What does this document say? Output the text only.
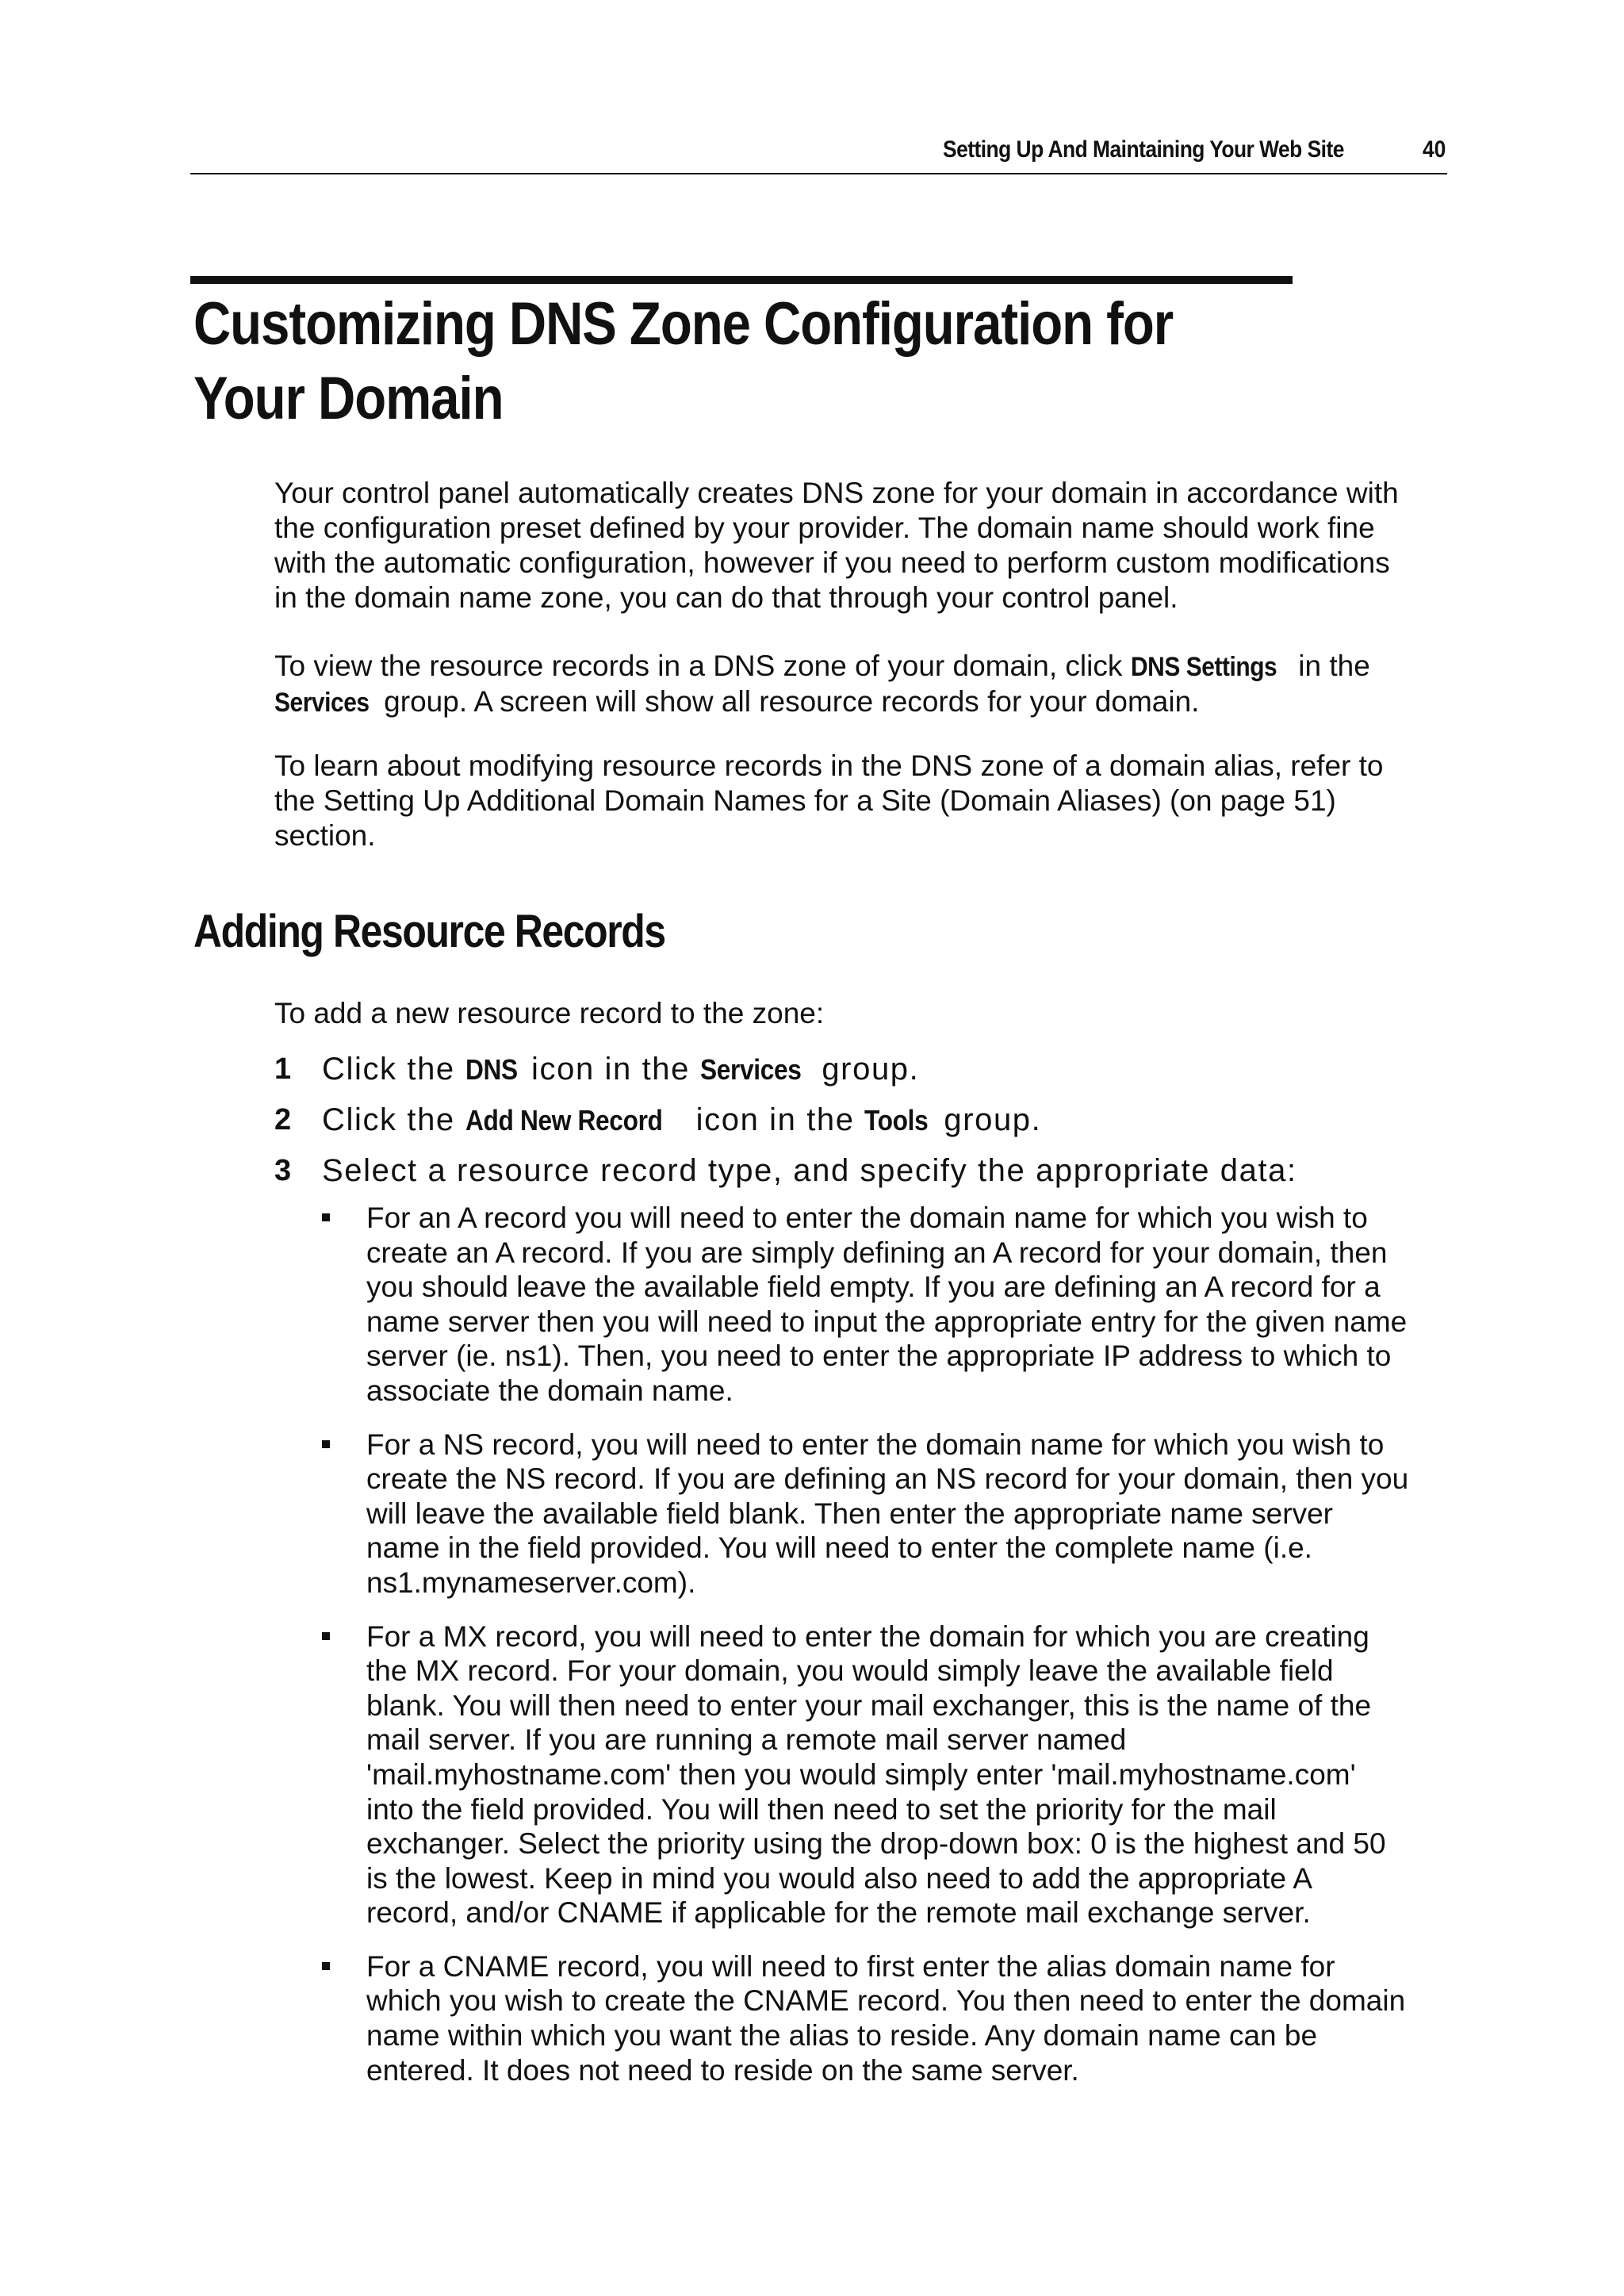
Setting Up And Maintaining Your Web Site	40
Customizing DNS Zone Configuration for
Your Domain

Your control panel automatically creates DNS zone for your domain in accordance with
the configuration preset defined by your provider. The domain name should work fine
with the automatic configuration, however if you need to perform custom modifications
in the domain name zone, you can do that through your control panel.

To view the resource records in a DNS zone of your domain, click DNS Settings in the
Services group. A screen will show all resource records for your domain.

To learn about modifying resource records in the DNS zone of a domain alias, refer to
the Setting Up Additional Domain Names for a Site (Domain Aliases) (on page 51)
section.

Adding Resource Records

To add a new resource record to the zone:

1 Click the DNS icon in the Services group.
2 Click the Add New Record icon in the Tools group.
3 Select a resource record type, and specify the appropriate data:
For an A record you will need to enter the domain name for which you wish to
create an A record. If you are simply defining an A record for your domain, then
you should leave the available field empty. If you are defining an A record for a
name server then you will need to input the appropriate entry for the given name
server (ie. ns1). Then, you need to enter the appropriate IP address to which to
associate the domain name.
For a NS record, you will need to enter the domain name for which you wish to
create the NS record. If you are defining an NS record for your domain, then you
will leave the available field blank. Then enter the appropriate name server
name in the field provided. You will need to enter the complete name (i.e.
ns1.mynameserver.com).
For a MX record, you will need to enter the domain for which you are creating
the MX record. For your domain, you would simply leave the available field
blank. You will then need to enter your mail exchanger, this is the name of the
mail server. If you are running a remote mail server named
'mail.myhostname.com' then you would simply enter 'mail.myhostname.com'
into the field provided. You will then need to set the priority for the mail
exchanger. Select the priority using the drop-down box: 0 is the highest and 50
is the lowest. Keep in mind you would also need to add the appropriate A
record, and/or CNAME if applicable for the remote mail exchange server.
For a CNAME record, you will need to first enter the alias domain name for
which you wish to create the CNAME record. You then need to enter the domain
name within which you want the alias to reside. Any domain name can be
entered. It does not need to reside on the same server.
